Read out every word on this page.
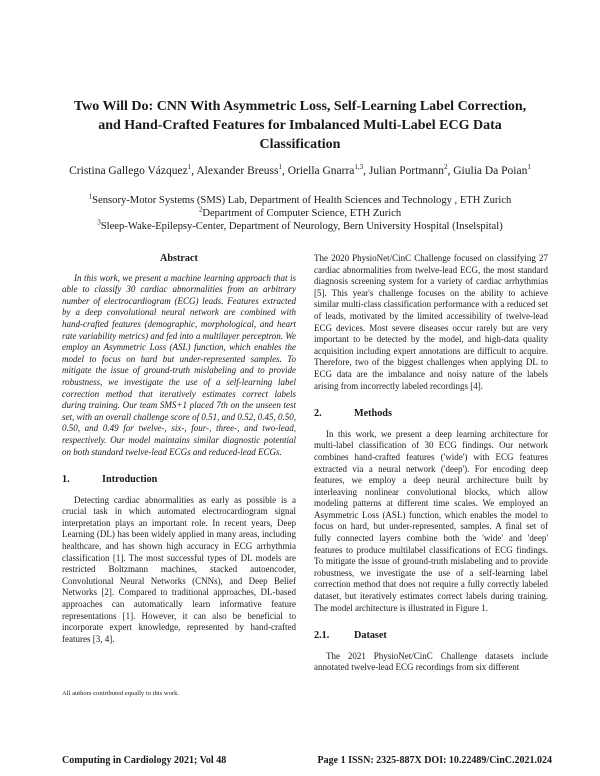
Two Will Do: CNN With Asymmetric Loss, Self-Learning Label Correction,
and Hand-Crafted Features for Imbalanced Multi-Label ECG Data
Classification
Cristina Gallego Vázquez$^1$, Alexander Breuss$^1$, Oriella Gnarra$^{1,3}$, Julian Portmann$^2$, Giulia Da Poian$^1$
$^1$Sensory-Motor Systems (SMS) Lab, Department of Health Sciences and Technology , ETH Zurich
$^2$Department of Computer Science, ETH Zurich
$^3$Sleep-Wake-Epilepsy-Center, Department of Neurology, Bern University Hospital (Inselspital)
Abstract

In this work, we present a machine learning approach that is able to classify 30 cardiac abnormalities from an arbitrary number of electrocardiogram (ECG) leads. Features extracted by a deep convolutional neural network are combined with hand-crafted features (demographic, morphological, and heart rate variability metrics) and fed into a multilayer perceptron. We employ an Asymmetric Loss (ASL) function, which enables the model to focus on hard but under-represented samples. To mitigate the issue of ground-truth mislabeling and to provide robustness, we investigate the use of a self-learning label correction method that iteratively estimates correct labels during training. Our team SMS+1 placed 7th on the unseen test set, with an overall challenge score of 0.51, and 0.52, 0.45, 0.50, 0.50, and 0.49 for twelve-, six-, four-, three-, and two-lead, respectively. Our model maintains similar diagnostic potential on both standard twelve-lead ECGs and reduced-lead ECGs.

1.	Introduction

Detecting cardiac abnormalities as early as possible is a crucial task in which automated electrocardiogram signal interpretation plays an important role. In recent years, Deep Learning (DL) has been widely applied in many areas, including healthcare, and has shown high accuracy in ECG arrhythmia classification [1]. The most successful types of DL models are restricted Boltzmann machines, stacked autoencoder, Convolutional Neural Networks (CNNs), and Deep Belief Networks [2]. Compared to traditional approaches, DL-based approaches can automatically learn informative feature representations [1]. However, it can also be beneficial to incorporate expert knowledge, represented by hand-crafted features [3, 4].

All authors contributed equally to this work.

The 2020 PhysioNet/CinC Challenge focused on classifying 27 cardiac abnormalities from twelve-lead ECG, the most standard diagnosis screening system for a variety of cardiac arrhythmias [5]. This year's challenge focuses on the ability to achieve similar multi-class classification performance with a reduced set of leads, motivated by the limited accessibility of twelve-lead ECG devices. Most severe diseases occur rarely but are very important to be detected by the model, and high-data quality acquisition including expert annotations are difficult to acquire. Therefore, two of the biggest challenges when applying DL to ECG data are the imbalance and noisy nature of the labels arising from incorrectly labeled recordings [4].

2.	Methods

In this work, we present a deep learning architecture for multi-label classification of 30 ECG findings. Our network combines hand-crafted features ('wide') with ECG features extracted via a neural network ('deep'). For encoding deep features, we employ a deep neural architecture built by interleaving nonlinear convolutional blocks, which allow modeling patterns at different time scales. We employed an Asymmetric Loss (ASL) function, which enables the model to focus on hard, but under-represented, samples. A final set of fully connected layers combine both the 'wide' and 'deep' features to produce multilabel classifications of ECG findings. To mitigate the issue of ground-truth mislabeling and to provide robustness, we investigate the use of a self-learning label correction method that does not require a fully correctly labeled dataset, but iteratively estimates correct labels during training. The model architecture is illustrated in Figure 1.

2.1.	Dataset

The 2021 PhysioNet/CinC Challenge datasets include annotated twelve-lead ECG recordings from six different

Computing in Cardiology 2021; Vol 48	Page 1 ISSN: 2325-887X DOI: 10.22489/CinC.2021.024
